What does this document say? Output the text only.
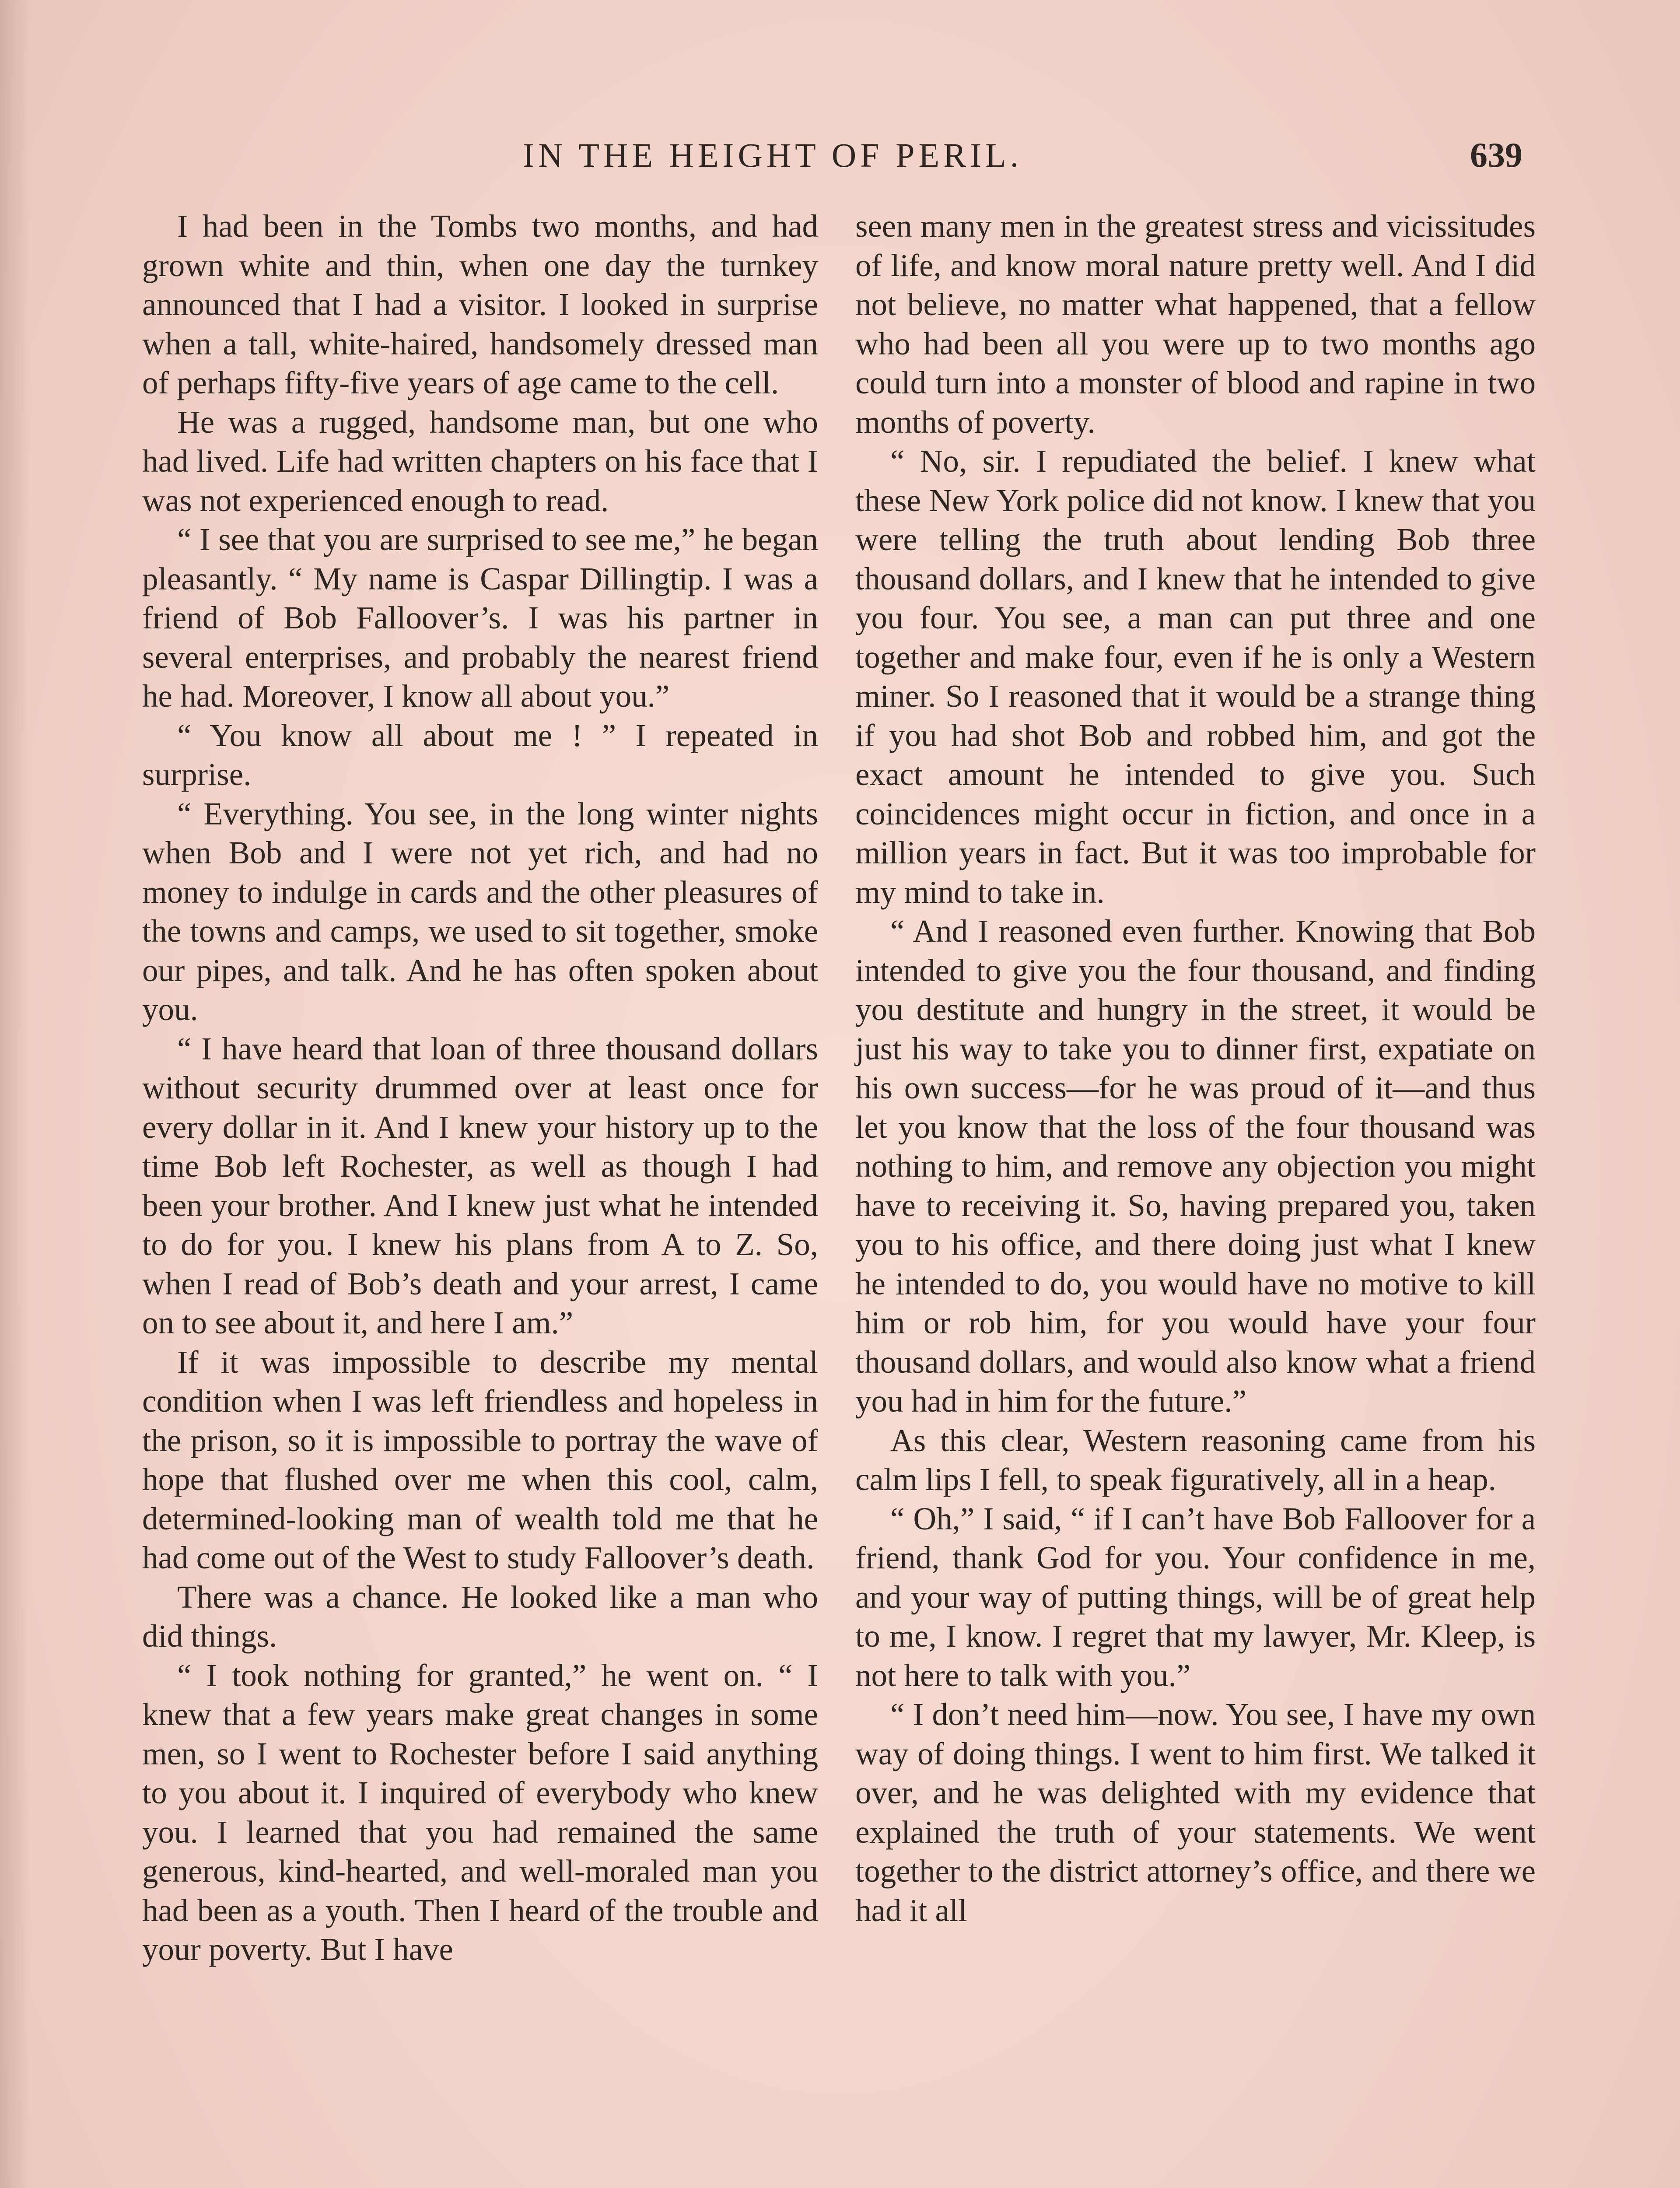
IN THE HEIGHT OF PERIL.	639

I had been in the Tombs two months, and had grown white and thin, when one day the turnkey announced that I had a visitor. I looked in surprise when a tall, white-haired, handsomely dressed man of perhaps fifty-five years of age came to the cell.

He was a rugged, handsome man, but one who had lived. Life had written chapters on his face that I was not experienced enough to read.

“ I see that you are surprised to see me,” he began pleasantly. “ My name is Caspar Dillingtip. I was a friend of Bob Falloover’s. I was his partner in several enterprises, and probably the nearest friend he had. Moreover, I know all about you.”

“ You know all about me ! ” I repeated in surprise.

“ Everything. You see, in the long winter nights when Bob and I were not yet rich, and had no money to indulge in cards and the other pleasures of the towns and camps, we used to sit together, smoke our pipes, and talk. And he has often spoken about you.

“ I have heard that loan of three thousand dollars without security drummed over at least once for every dollar in it. And I knew your history up to the time Bob left Rochester, as well as though I had been your brother. And I knew just what he intended to do for you. I knew his plans from A to Z. So, when I read of Bob’s death and your arrest, I came on to see about it, and here I am.”

If it was impossible to describe my mental condition when I was left friendless and hopeless in the prison, so it is impossible to portray the wave of hope that flushed over me when this cool, calm, determined-looking man of wealth told me that he had come out of the West to study Falloover’s death.

There was a chance. He looked like a man who did things.

“ I took nothing for granted,” he went on. “ I knew that a few years make great changes in some men, so I went to Rochester before I said anything to you about it. I inquired of everybody who knew you. I learned that you had remained the same generous, kind-hearted, and well-moraled man you had been as a youth. Then I heard of the trouble and your poverty. But I have

seen many men in the greatest stress and vicissitudes of life, and know moral nature pretty well. And I did not believe, no matter what happened, that a fellow who had been all you were up to two months ago could turn into a monster of blood and rapine in two months of poverty.

“ No, sir. I repudiated the belief. I knew what these New York police did not know. I knew that you were telling the truth about lending Bob three thousand dollars, and I knew that he intended to give you four. You see, a man can put three and one together and make four, even if he is only a Western miner. So I reasoned that it would be a strange thing if you had shot Bob and robbed him, and got the exact amount he intended to give you. Such coincidences might occur in fiction, and once in a million years in fact. But it was too improbable for my mind to take in.

“ And I reasoned even further. Knowing that Bob intended to give you the four thousand, and finding you destitute and hungry in the street, it would be just his way to take you to dinner first, expatiate on his own success—for he was proud of it—and thus let you know that the loss of the four thousand was nothing to him, and remove any objection you might have to receiving it. So, having prepared you, taken you to his office, and there doing just what I knew he intended to do, you would have no motive to kill him or rob him, for you would have your four thousand dollars, and would also know what a friend you had in him for the future.”

As this clear, Western reasoning came from his calm lips I fell, to speak figuratively, all in a heap.

“ Oh,” I said, “ if I can’t have Bob Falloover for a friend, thank God for you. Your confidence in me, and your way of putting things, will be of great help to me, I know. I regret that my lawyer, Mr. Kleep, is not here to talk with you.”

“ I don’t need him—now. You see, I have my own way of doing things. I went to him first. We talked it over, and he was delighted with my evidence that explained the truth of your statements. We went together to the district attorney’s office, and there we had it all
